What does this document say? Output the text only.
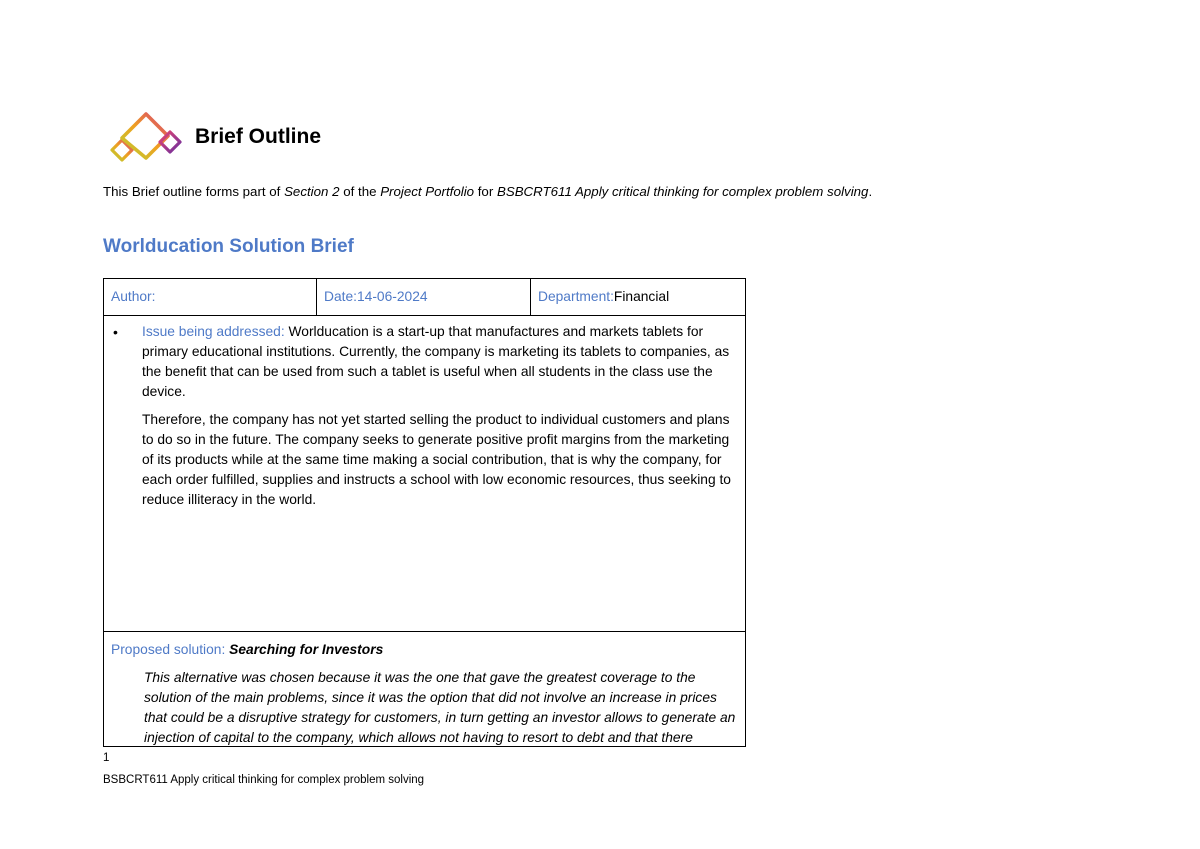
Brief Outline
This Brief outline forms part of Section 2 of the Project Portfolio for BSBCRT611 Apply critical thinking for complex problem solving.
Worlducation Solution Brief
Author:	Date:14-06-2024	Department:Financial
• Issue being addressed: Worlducation is a start-up that manufactures and markets tablets for primary educational institutions. Currently, the company is marketing its tablets to companies, as the benefit that can be used from such a tablet is useful when all students in the class use the device.

Therefore, the company has not yet started selling the product to individual customers and plans to do so in the future. The company seeks to generate positive profit margins from the marketing of its products while at the same time making a social contribution, that is why the company, for each order fulfilled, supplies and instructs a school with low economic resources, thus seeking to reduce illiteracy in the world.

Proposed solution: Searching for Investors

This alternative was chosen because it was the one that gave the greatest coverage to the solution of the main problems, since it was the option that did not involve an increase in prices that could be a disruptive strategy for customers, in turn getting an investor allows to generate an injection of capital to the company, which allows not having to resort to debt and that there

1
BSBCRT611 Apply critical thinking for complex problem solving
